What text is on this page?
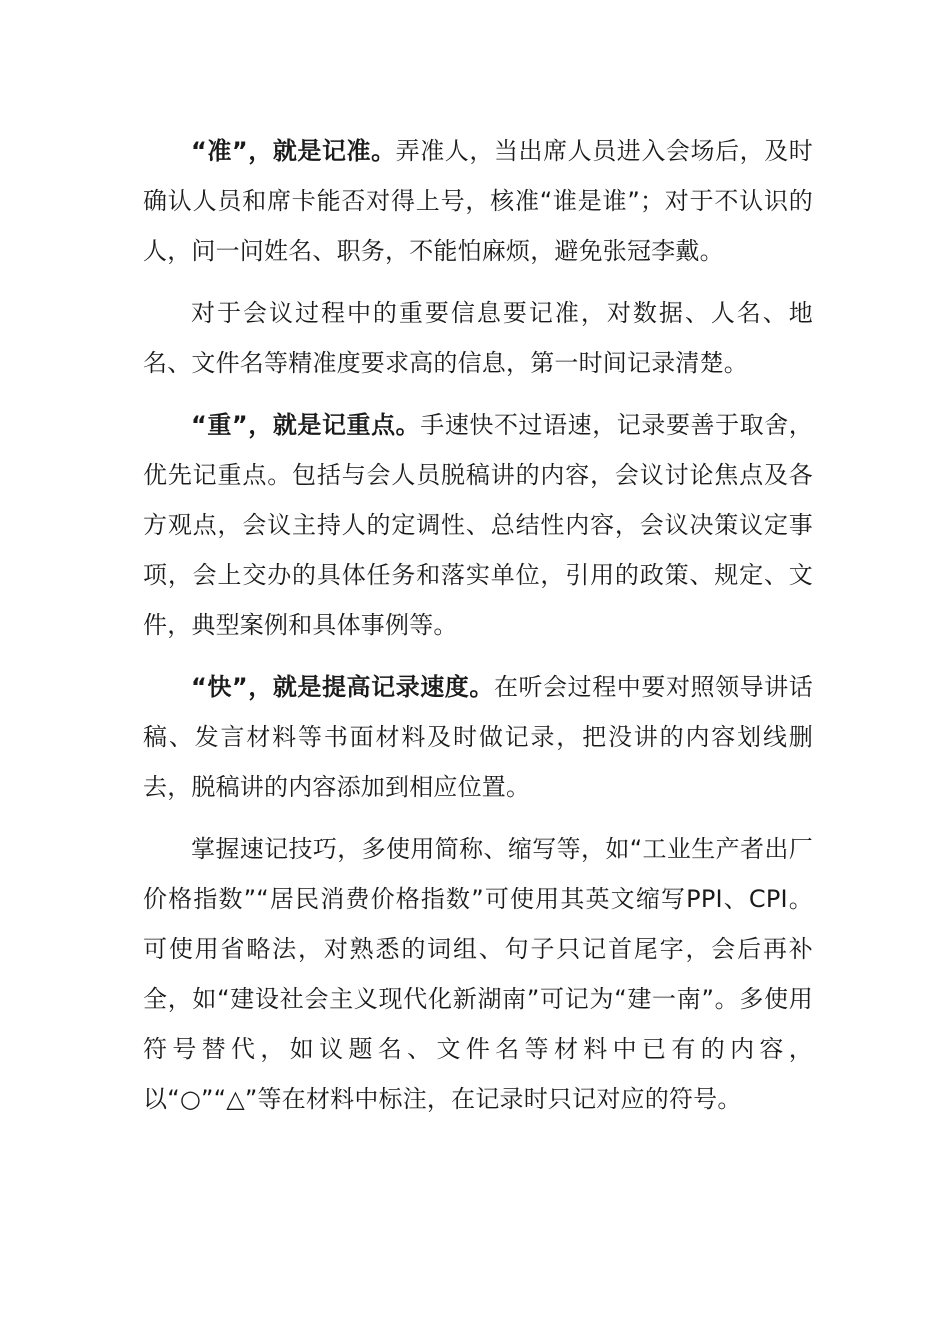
“准”，就是记准。弄准人，当出席人员进入会场后，及时确认人员和席卡能否对得上号，核准“谁是谁”；对于不认识的人，问一问姓名、职务，不能怕麻烦，避免张冠李戴。

对于会议过程中的重要信息要记准，对数据、人名、地名、文件名等精准度要求高的信息，第一时间记录清楚。

“重”，就是记重点。手速快不过语速，记录要善于取舍，优先记重点。包括与会人员脱稿讲的内容，会议讨论焦点及各方观点，会议主持人的定调性、总结性内容，会议决策议定事项，会上交办的具体任务和落实单位，引用的政策、规定、文件，典型案例和具体事例等。

“快”，就是提高记录速度。在听会过程中要对照领导讲话稿、发言材料等书面材料及时做记录，把没讲的内容划线删去，脱稿讲的内容添加到相应位置。

掌握速记技巧，多使用简称、缩写等，如“工业生产者出厂价格指数”“居民消费价格指数”可使用其英文缩写PPI、CPI。可使用省略法，对熟悉的词组、句子只记首尾字，会后再补全，如“建设社会主义现代化新湖南”可记为“建一南”。多使用符号替代，如议题名、文件名等材料中已有的内容，以“○”“△”等在材料中标注，在记录时只记对应的符号。
